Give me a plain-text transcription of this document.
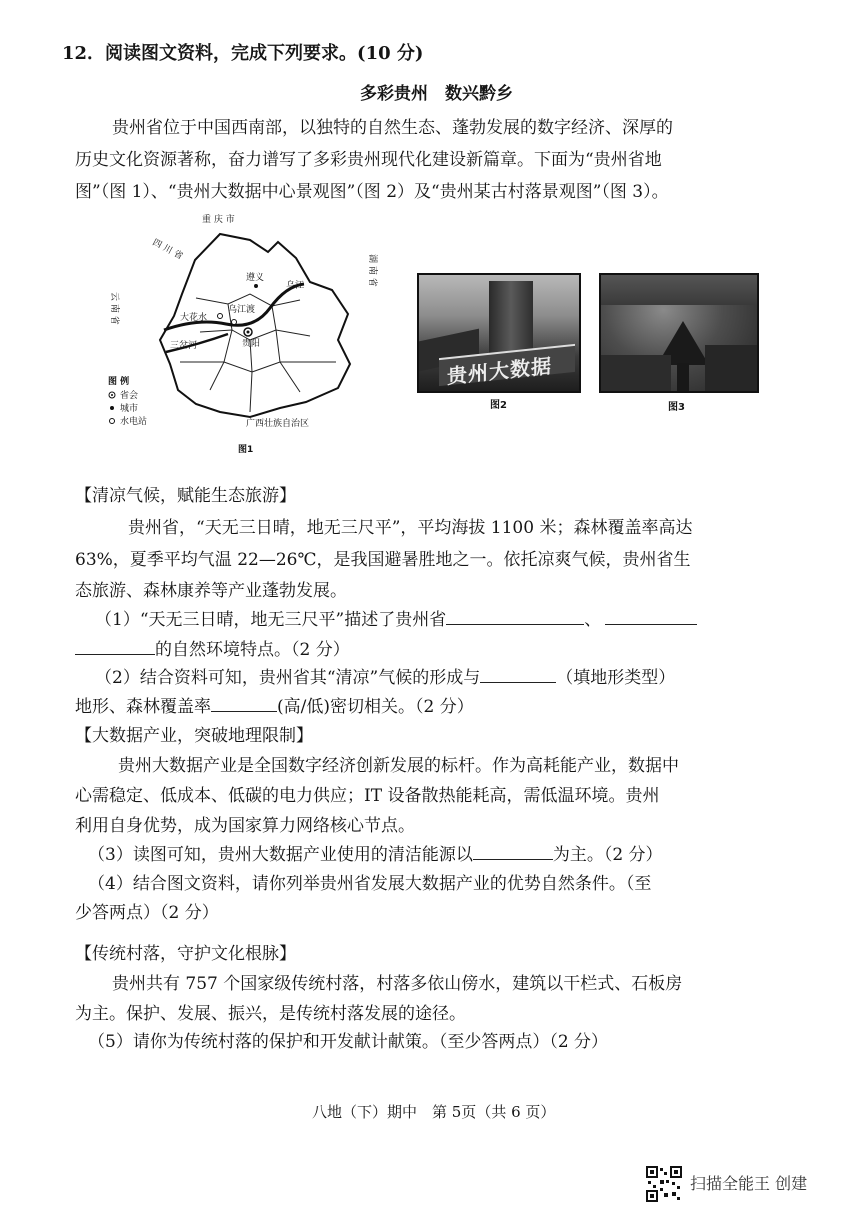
12．阅读图文资料，完成下列要求。(10 分)
多彩贵州　数兴黔乡
贵州省位于中国西南部，以独特的自然生态、蓬勃发展的数字经济、深厚的
历史文化资源著称，奋力谱写了多彩贵州现代化建设新篇章。下面为“贵州省地
图”（图 1）、“贵州大数据中心景观图”（图 2）及“贵州某古村落景观图”（图 3）。
重 庆 市
四 川 省
湖 南 省
云 南 省
广西壮族自治区
遵义
乌江
贵阳
大花水
三岔河
乌江渡
图 例
省会
城市
水电站
图1
贵州大数据
图2	图3
【清凉气候，赋能生态旅游】
贵州省，“天无三日晴，地无三尺平”，平均海拔 1100 米；森林覆盖率高达
63%，夏季平均气温 22—26℃，是我国避暑胜地之一。依托凉爽气候，贵州省生
态旅游、森林康养等产业蓬勃发展。
（1）“天无三日晴，地无三尺平”描述了贵州省	、
的自然环境特点。（2 分）
（2）结合资料可知，贵州省其“清凉”气候的形成与	（填地形类型）
地形、森林覆盖率	(高/低)密切相关。（2 分）
【大数据产业，突破地理限制】
贵州大数据产业是全国数字经济创新发展的标杆。作为高耗能产业，数据中
心需稳定、低成本、低碳的电力供应；IT 设备散热能耗高，需低温环境。贵州
利用自身优势，成为国家算力网络核心节点。
（3）读图可知，贵州大数据产业使用的清洁能源以	为主。（2 分）
（4）结合图文资料，请你列举贵州省发展大数据产业的优势自然条件。（至
少答两点）（2 分）
【传统村落，守护文化根脉】
贵州共有 757 个国家级传统村落，村落多依山傍水，建筑以干栏式、石板房
为主。保护、发展、振兴，是传统村落发展的途径。
（5）请你为传统村落的保护和开发献计献策。（至少答两点）（2 分）
八地（下）期中　第 5页（共 6 页）
扫描全能王 创建
